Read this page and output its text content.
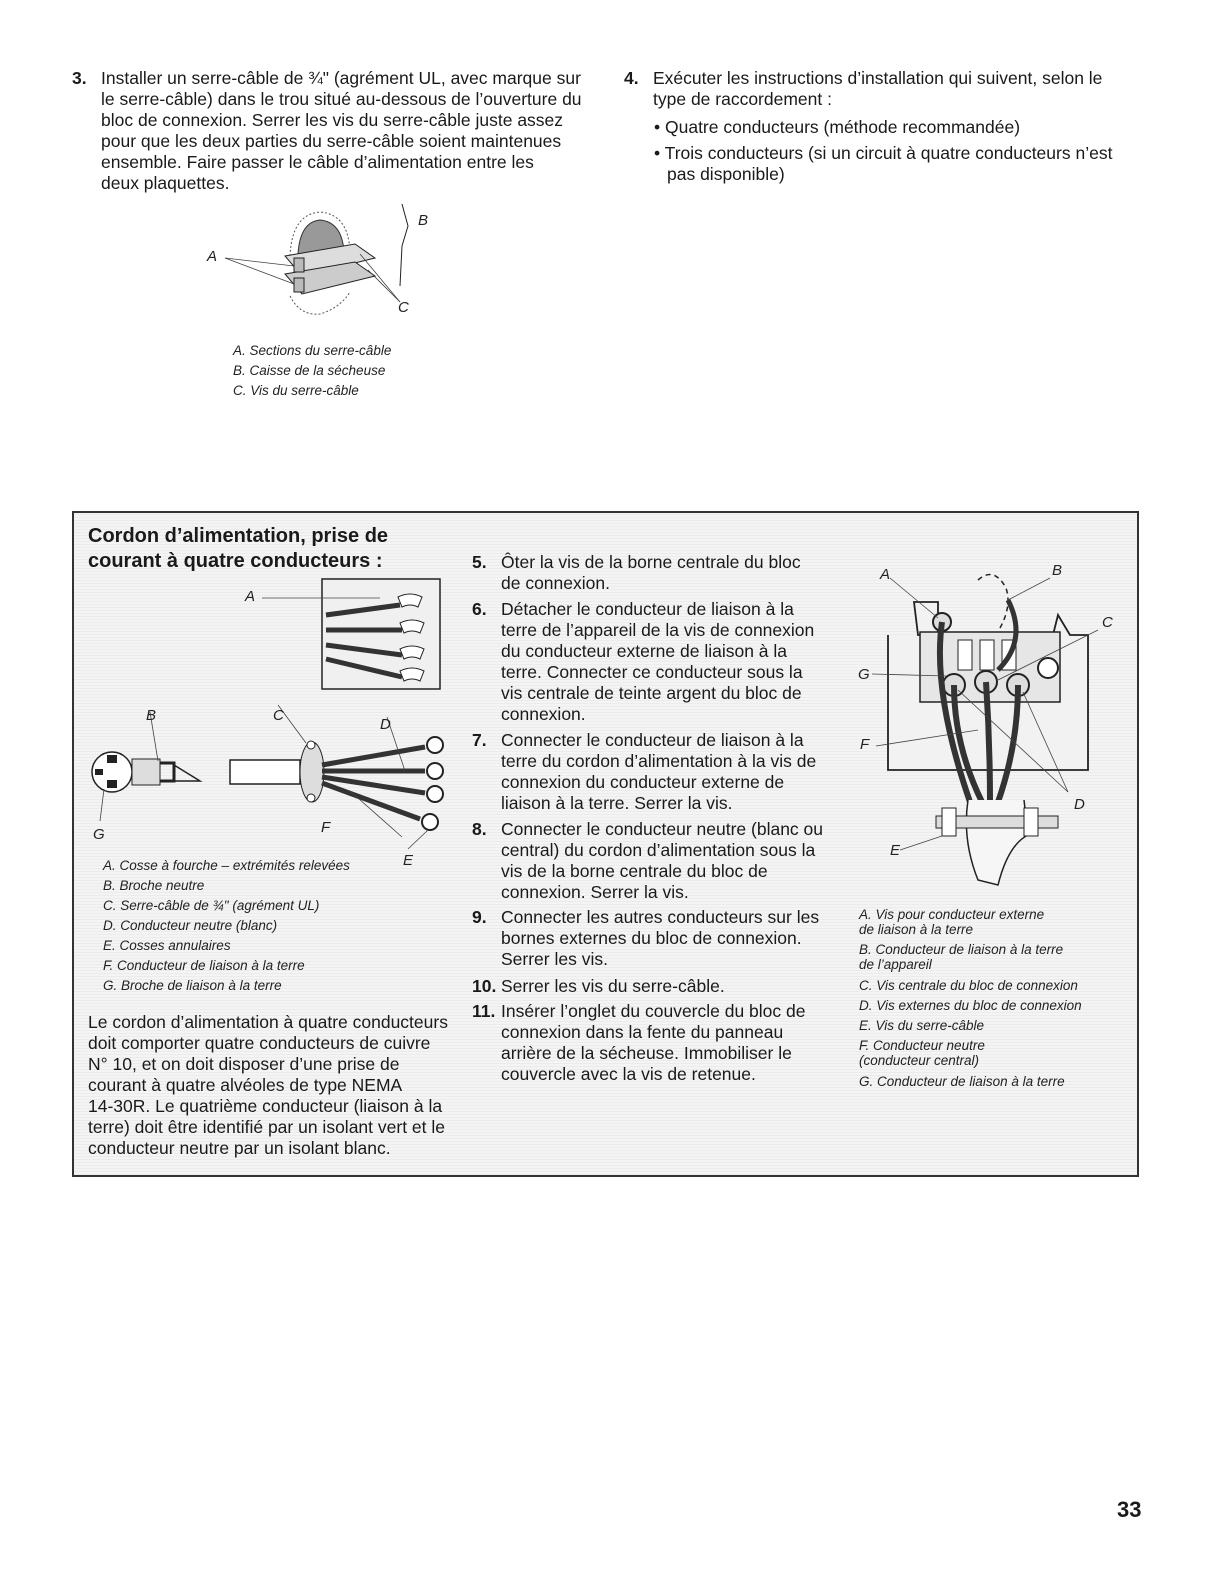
3. Installer un serre-câble de ¾" (agrément UL, avec marque sur
le serre-câble) dans le trou situé au-dessous de l’ouverture du
bloc de connexion. Serrer les vis du serre-câble juste assez
pour que les deux parties du serre-câble soient maintenues
ensemble. Faire passer le câble d’alimentation entre les
deux plaquettes.
A
B
C
A. Sections du serre-câble
B. Caisse de la sécheuse
C. Vis du serre-câble
4. Exécuter les instructions d’installation qui suivent, selon le
type de raccordement :
• Quatre conducteurs (méthode recommandée)
• Trois conducteurs (si un circuit à quatre conducteurs n’est
pas disponible)
Cordon d’alimentation, prise de
courant à quatre conducteurs :
A
B	C
D
E
F
G
A. Cosse à fourche – extrémités relevées
B. Broche neutre
C. Serre-câble de ¾" (agrément UL)
D. Conducteur neutre (blanc)
E. Cosses annulaires
F. Conducteur de liaison à la terre
G. Broche de liaison à la terre
Le cordon d’alimentation à quatre conducteurs
doit comporter quatre conducteurs de cuivre
N° 10, et on doit disposer d’une prise de
courant à quatre alvéoles de type NEMA
14-30R. Le quatrième conducteur (liaison à la
terre) doit être identifié par un isolant vert et le
conducteur neutre par un isolant blanc.
5. Ôter la vis de la borne centrale du bloc
de connexion.
6. Détacher le conducteur de liaison à la
terre de l’appareil de la vis de connexion
du conducteur externe de liaison à la
terre. Connecter ce conducteur sous la
vis centrale de teinte argent du bloc de
connexion.
7. Connecter le conducteur de liaison à la
terre du cordon d’alimentation à la vis de
connexion du conducteur externe de
liaison à la terre. Serrer la vis.
8. Connecter le conducteur neutre (blanc ou
central) du cordon d’alimentation sous la
vis de la borne centrale du bloc de
connexion. Serrer la vis.
9. Connecter les autres conducteurs sur les
bornes externes du bloc de connexion.
Serrer les vis.
10. Serrer les vis du serre-câble.
11. Insérer l’onglet du couvercle du bloc de
connexion dans la fente du panneau
arrière de la sécheuse. Immobiliser le
couvercle avec la vis de retenue.
A	B
C
D
E
F
G
A. Vis pour conducteur externe
de liaison à la terre
B. Conducteur de liaison à la terre
de l’appareil
C. Vis centrale du bloc de connexion
D. Vis externes du bloc de connexion
E. Vis du serre-câble
F. Conducteur neutre
(conducteur central)
G. Conducteur de liaison à la terre
33
